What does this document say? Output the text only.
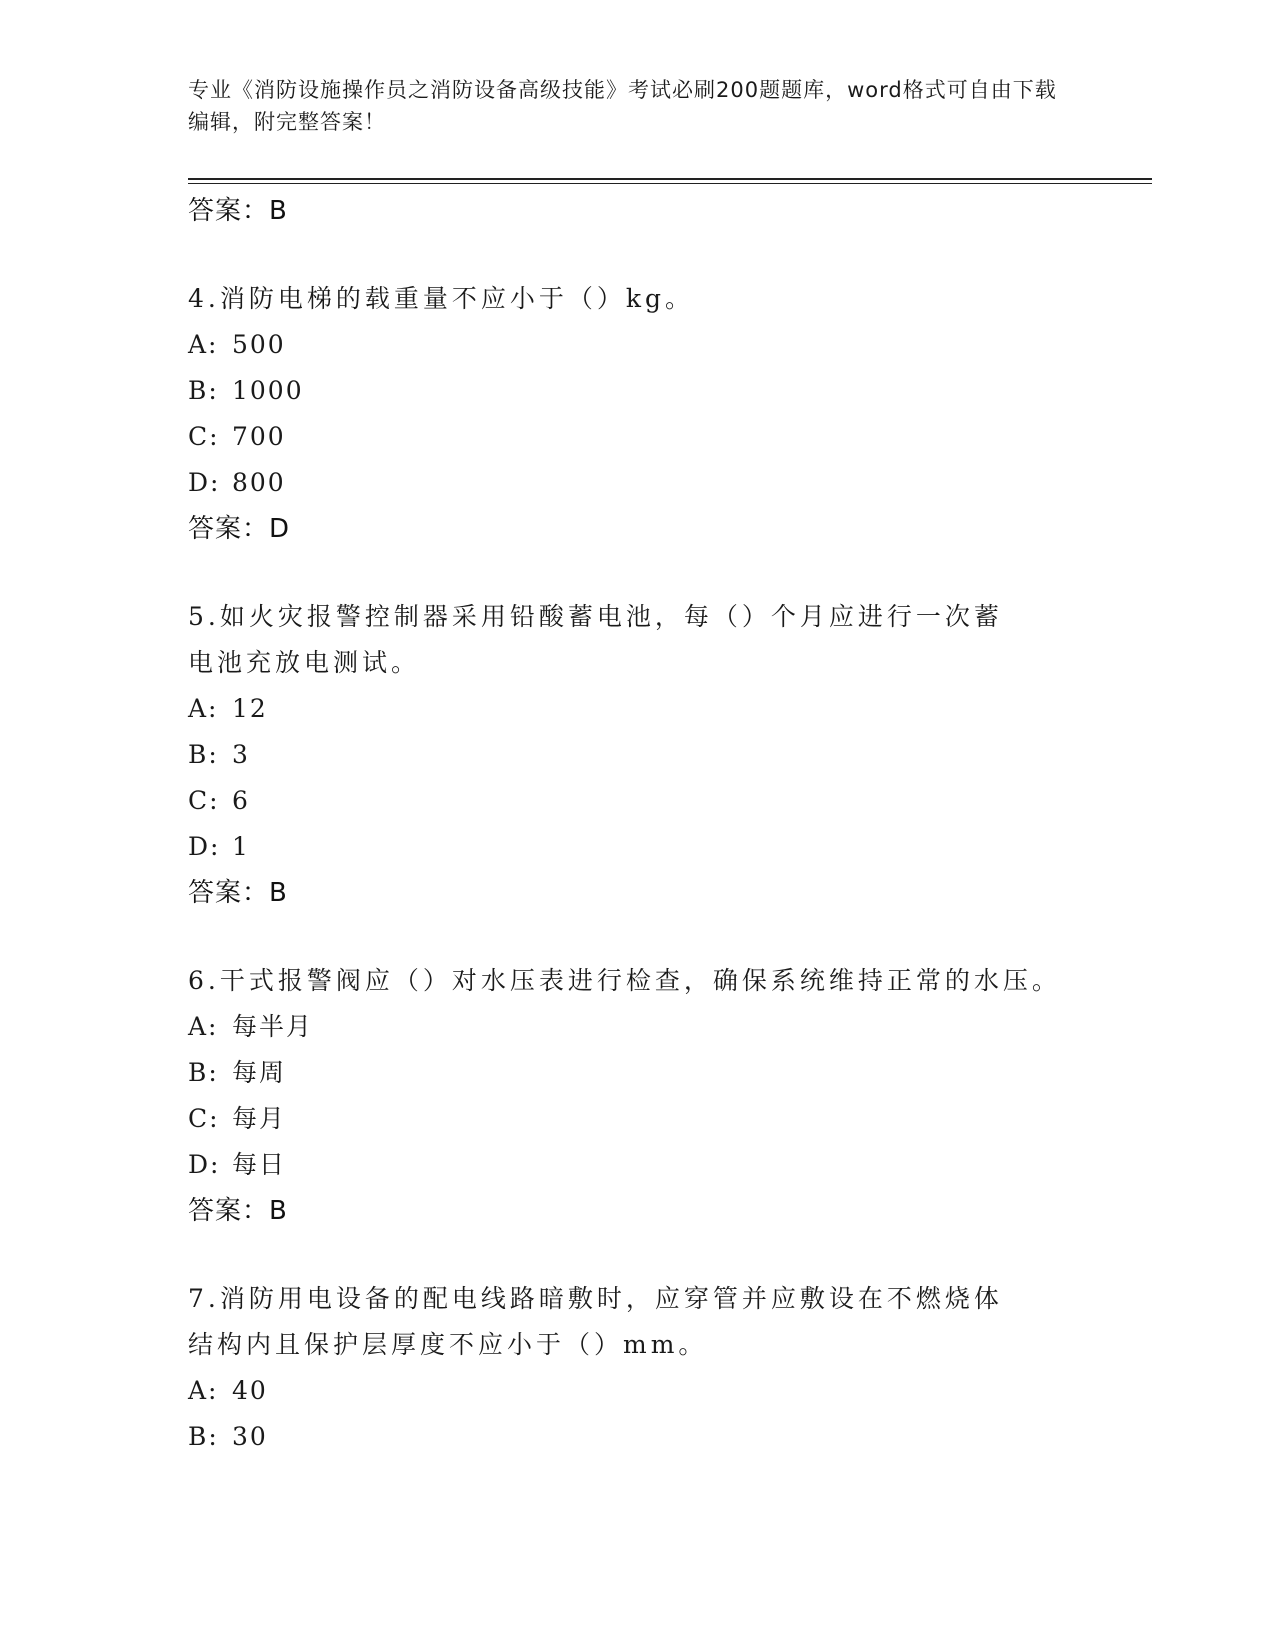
专业《消防设施操作员之消防设备高级技能》考试必刷200题题库，word格式可自由下载编辑，附完整答案！
答案：B
4.消防电梯的载重量不应小于（）kg。
A: 500
B: 1000
C: 700
D: 800
答案：D
5.如火灾报警控制器采用铅酸蓄电池，每（）个月应进行一次蓄电池充放电测试。
A: 12
B: 3
C: 6
D: 1
答案：B
6.干式报警阀应（）对水压表进行检查，确保系统维持正常的水压。
A: 每半月
B: 每周
C: 每月
D: 每日
答案：B
7.消防用电设备的配电线路暗敷时，应穿管并应敷设在不燃烧体结构内且保护层厚度不应小于（）mm。
A: 40
B: 30
